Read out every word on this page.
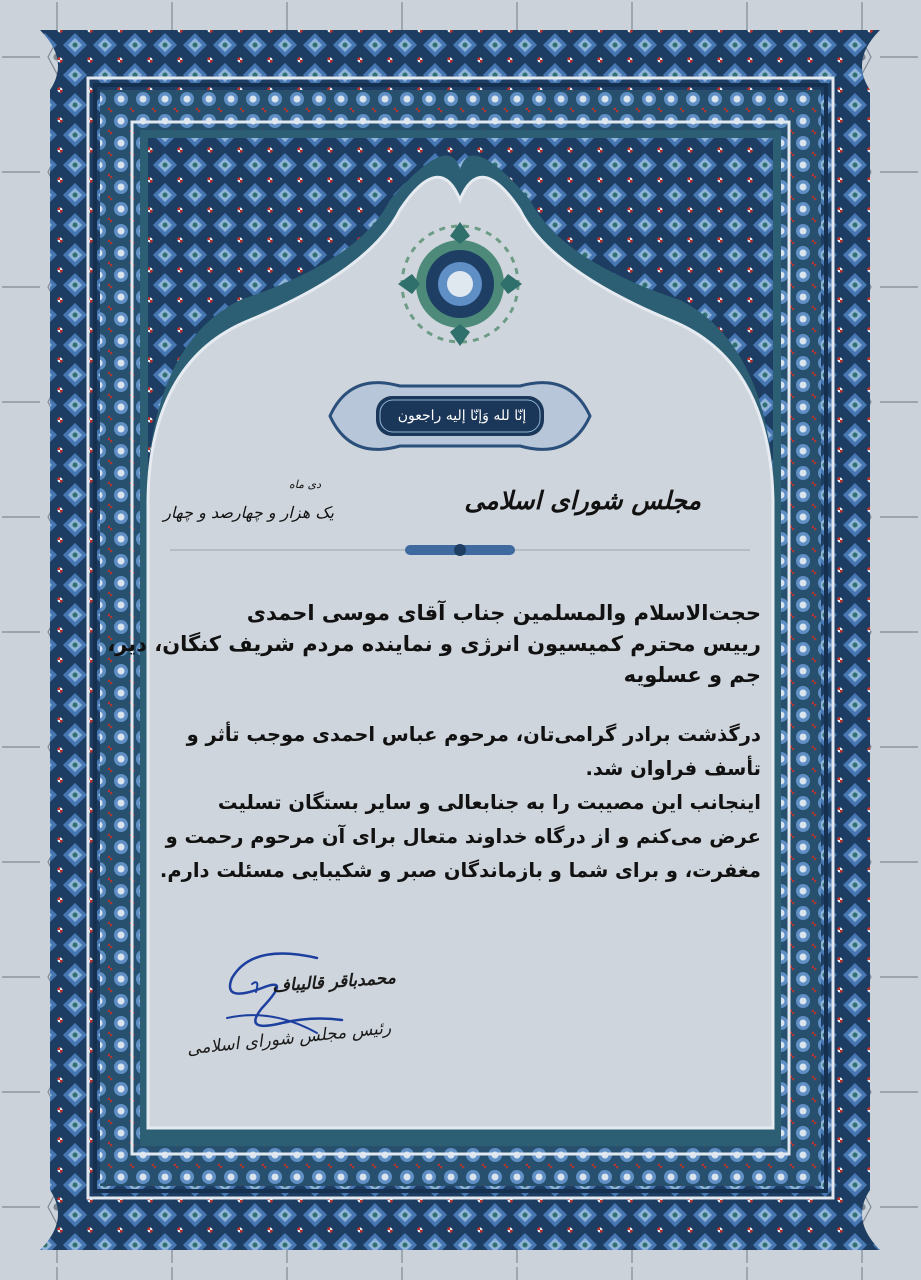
إنّا لله وَإنّا إلیه راجعون
مجلس شورای اسلامی
دی ماه
یک هزار و چهارصد و چهار
حجت‌الاسلام والمسلمین جناب آقای موسی احمدی
رییس محترم کمیسیون انرژی و نماینده مردم شریف کنگان، دیر،
جم و عسلویه
درگذشت برادر گرامی‌تان، مرحوم عباس احمدی موجب تأثر و
تأسف فراوان شد.
اینجانب این مصیبت را به جنابعالی و سایر بستگان تسلیت
عرض می‌کنم و از درگاه خداوند متعال برای آن مرحوم رحمت و
مغفرت، و برای شما و بازماندگان صبر و شکیبایی مسئلت دارم.
محمدباقر قالیباف
رئیس مجلس شورای اسلامی
